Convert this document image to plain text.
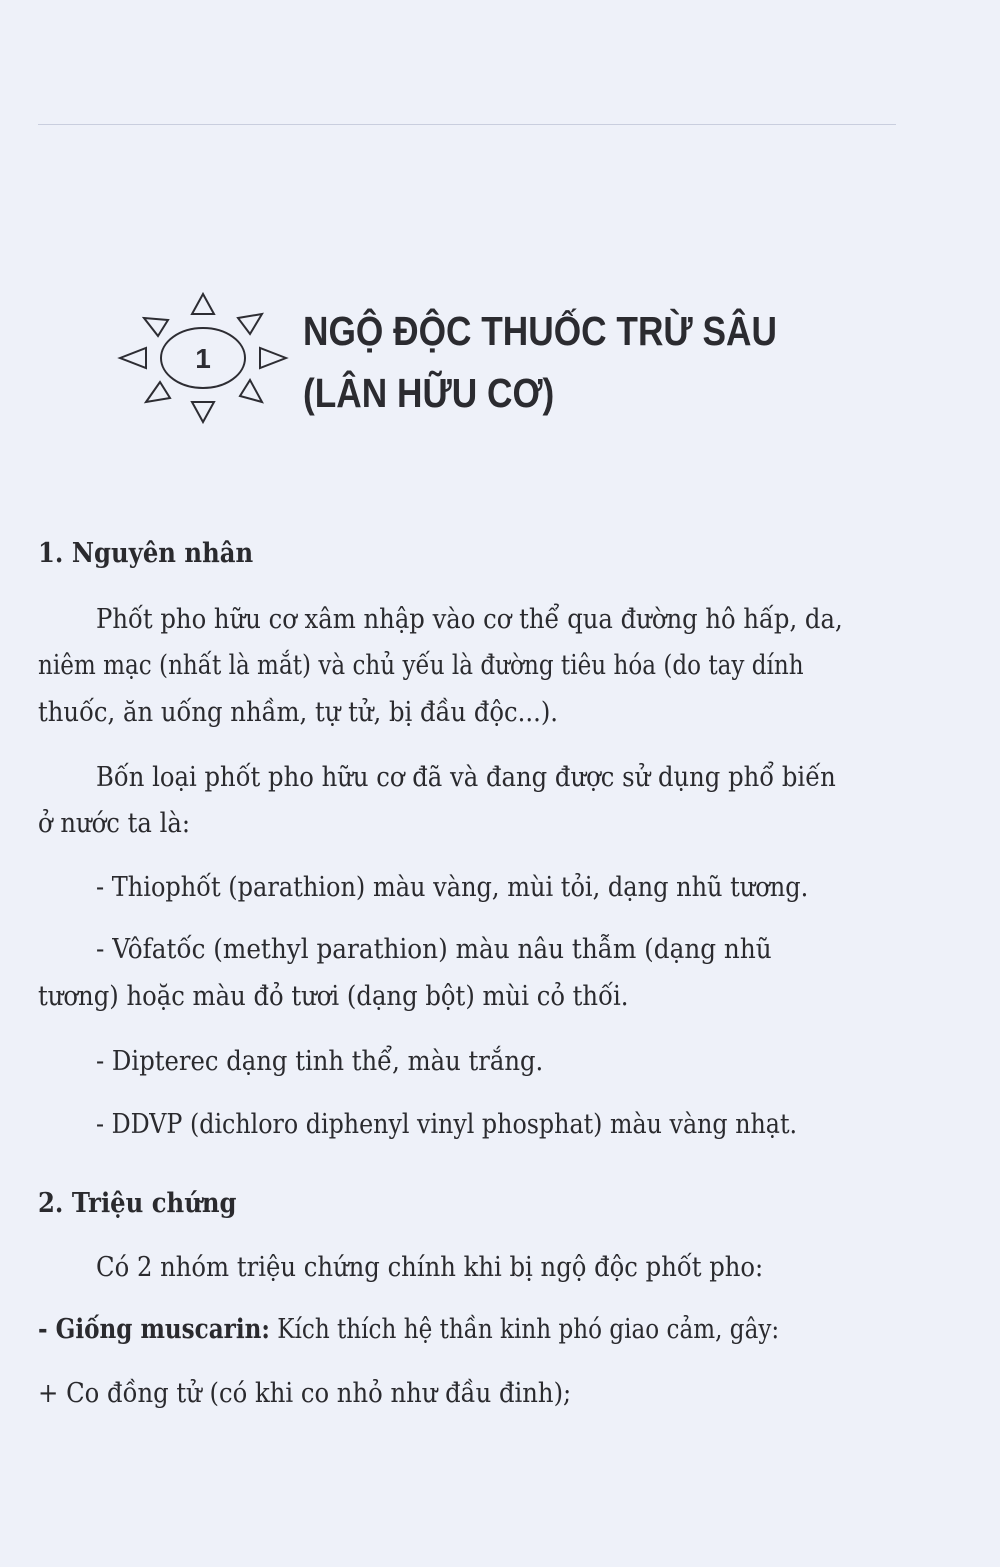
1
NGỘ ĐỘC THUỐC TRỪ SÂU
(LÂN HỮU CƠ)
1. Nguyên nhân
Phốt pho hữu cơ xâm nhập vào cơ thể qua đường hô hấp, da,
niêm mạc (nhất là mắt) và chủ yếu là đường tiêu hóa (do tay dính
thuốc, ăn uống nhầm, tự tử, bị đầu độc...).
Bốn loại phốt pho hữu cơ đã và đang được sử dụng phổ biến
ở nước ta là:
- Thiophốt (parathion) màu vàng, mùi tỏi, dạng nhũ tương.
- Vôfatốc (methyl parathion) màu nâu thẫm (dạng nhũ
tương) hoặc màu đỏ tươi (dạng bột) mùi cỏ thối.
- Dipterec dạng tinh thể, màu trắng.
- DDVP (dichloro diphenyl vinyl phosphat) màu vàng nhạt.
2. Triệu chứng
Có 2 nhóm triệu chứng chính khi bị ngộ độc phốt pho:
- Giống muscarin: Kích thích hệ thần kinh phó giao cảm, gây:
+ Co đồng tử (có khi co nhỏ như đầu đinh);
